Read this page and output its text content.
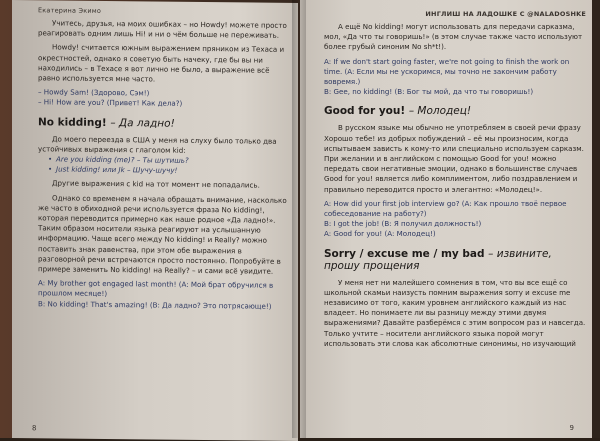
Екатерина Экимо

Учитесь, друзья, на моих ошибках – но Howdy! можете просто реагировать одним лишь Hi! и ни о чём больше не переживать.

Howdy! считается южным выражением пряником из Техаса и окрестностей, однако я советую быть начеку, где бы вы ни находились – в Техасе я вот лично не было, а выражение всё равно используется мне часто.

– Howdy Sam! (Здорово, Сэм!)

– Hi! How are you? (Привет! Как дела?)

No kidding! – Да ладно!

До моего переезда в США у меня на слуху было только два устойчивых выражения с глаголом kid:

• Are you kidding (me)? – Ты шутишь?
• Just kidding! или Jk – Шучу-шучу!

Другие выражения с kid на тот момент не попадались.

Однако со временем я начала обращать внимание, насколько же часто в обиходной речи используется фраза No kidding!, которая переводится примерно как наше родное «Да ладно!». Таким образом носители языка реагируют на услышанную информацию. Чаще всего между No kidding! и Really? можно поставить знак равенства, при этом обе выражения в разговорной речи встречаются просто постоянно. Попробуйте в примере заменить No kidding! на Really? – и сами всё увидите.

A: My brother got engaged last month! (A: Мой брат обручился в прошлом месяце!)

B: No kidding! That's amazing! (B: Да ладно? Это потрясающе!)

8
ИНГЛИШ НА ЛАДОШКЕ С @NALADOSHKE

А ещё No kidding! могут использовать для передачи сарказма, мол, «Да что ты говоришь!» (в этом случае также часто используют более грубый синоним No sh*t!).

A: If we don't start going faster, we're not going to finish the work on time. (A: Если мы не ускоримся, мы точно не закончим работу вовремя.)

B: Gee, no kidding! (B: Бог ты мой, да что ты говоришь!)

Good for you! – Молодец!

В русском языке мы обычно не употребляем в своей речи фразу Хорошо тебе! из добрых побуждений – её мы произносим, когда испытываем зависть к кому-то или специально используем сарказм. При желании и в английском с помощью Good for you! можно передать свои негативные эмоции, однако в большинстве случаев Good for you! является либо комплиментом, либо поздравлением и правильно переводится просто и элегантно: «Молодец!».

A: How did your first job interview go? (A: Как прошло твоё первое собеседование на работу?)

B: I got the job! (B: Я получил должность!)

A: Good for you! (A: Молодец!)

Sorry / excuse me / my bad – извините, прошу прощения

У меня нет ни малейшего сомнения в том, что вы все ещё со школьной скамьи наизусть помним выражения sorry и excuse me независимо от того, каким уровнем английского каждый из нас владеет. Но понимаете ли вы разницу между этими двумя выражениями? Давайте разберёмся с этим вопросом раз и навсегда. Только учтите – носители английского языка порой могут использовать эти слова как абсолютные синонимы, но изучающий

9
